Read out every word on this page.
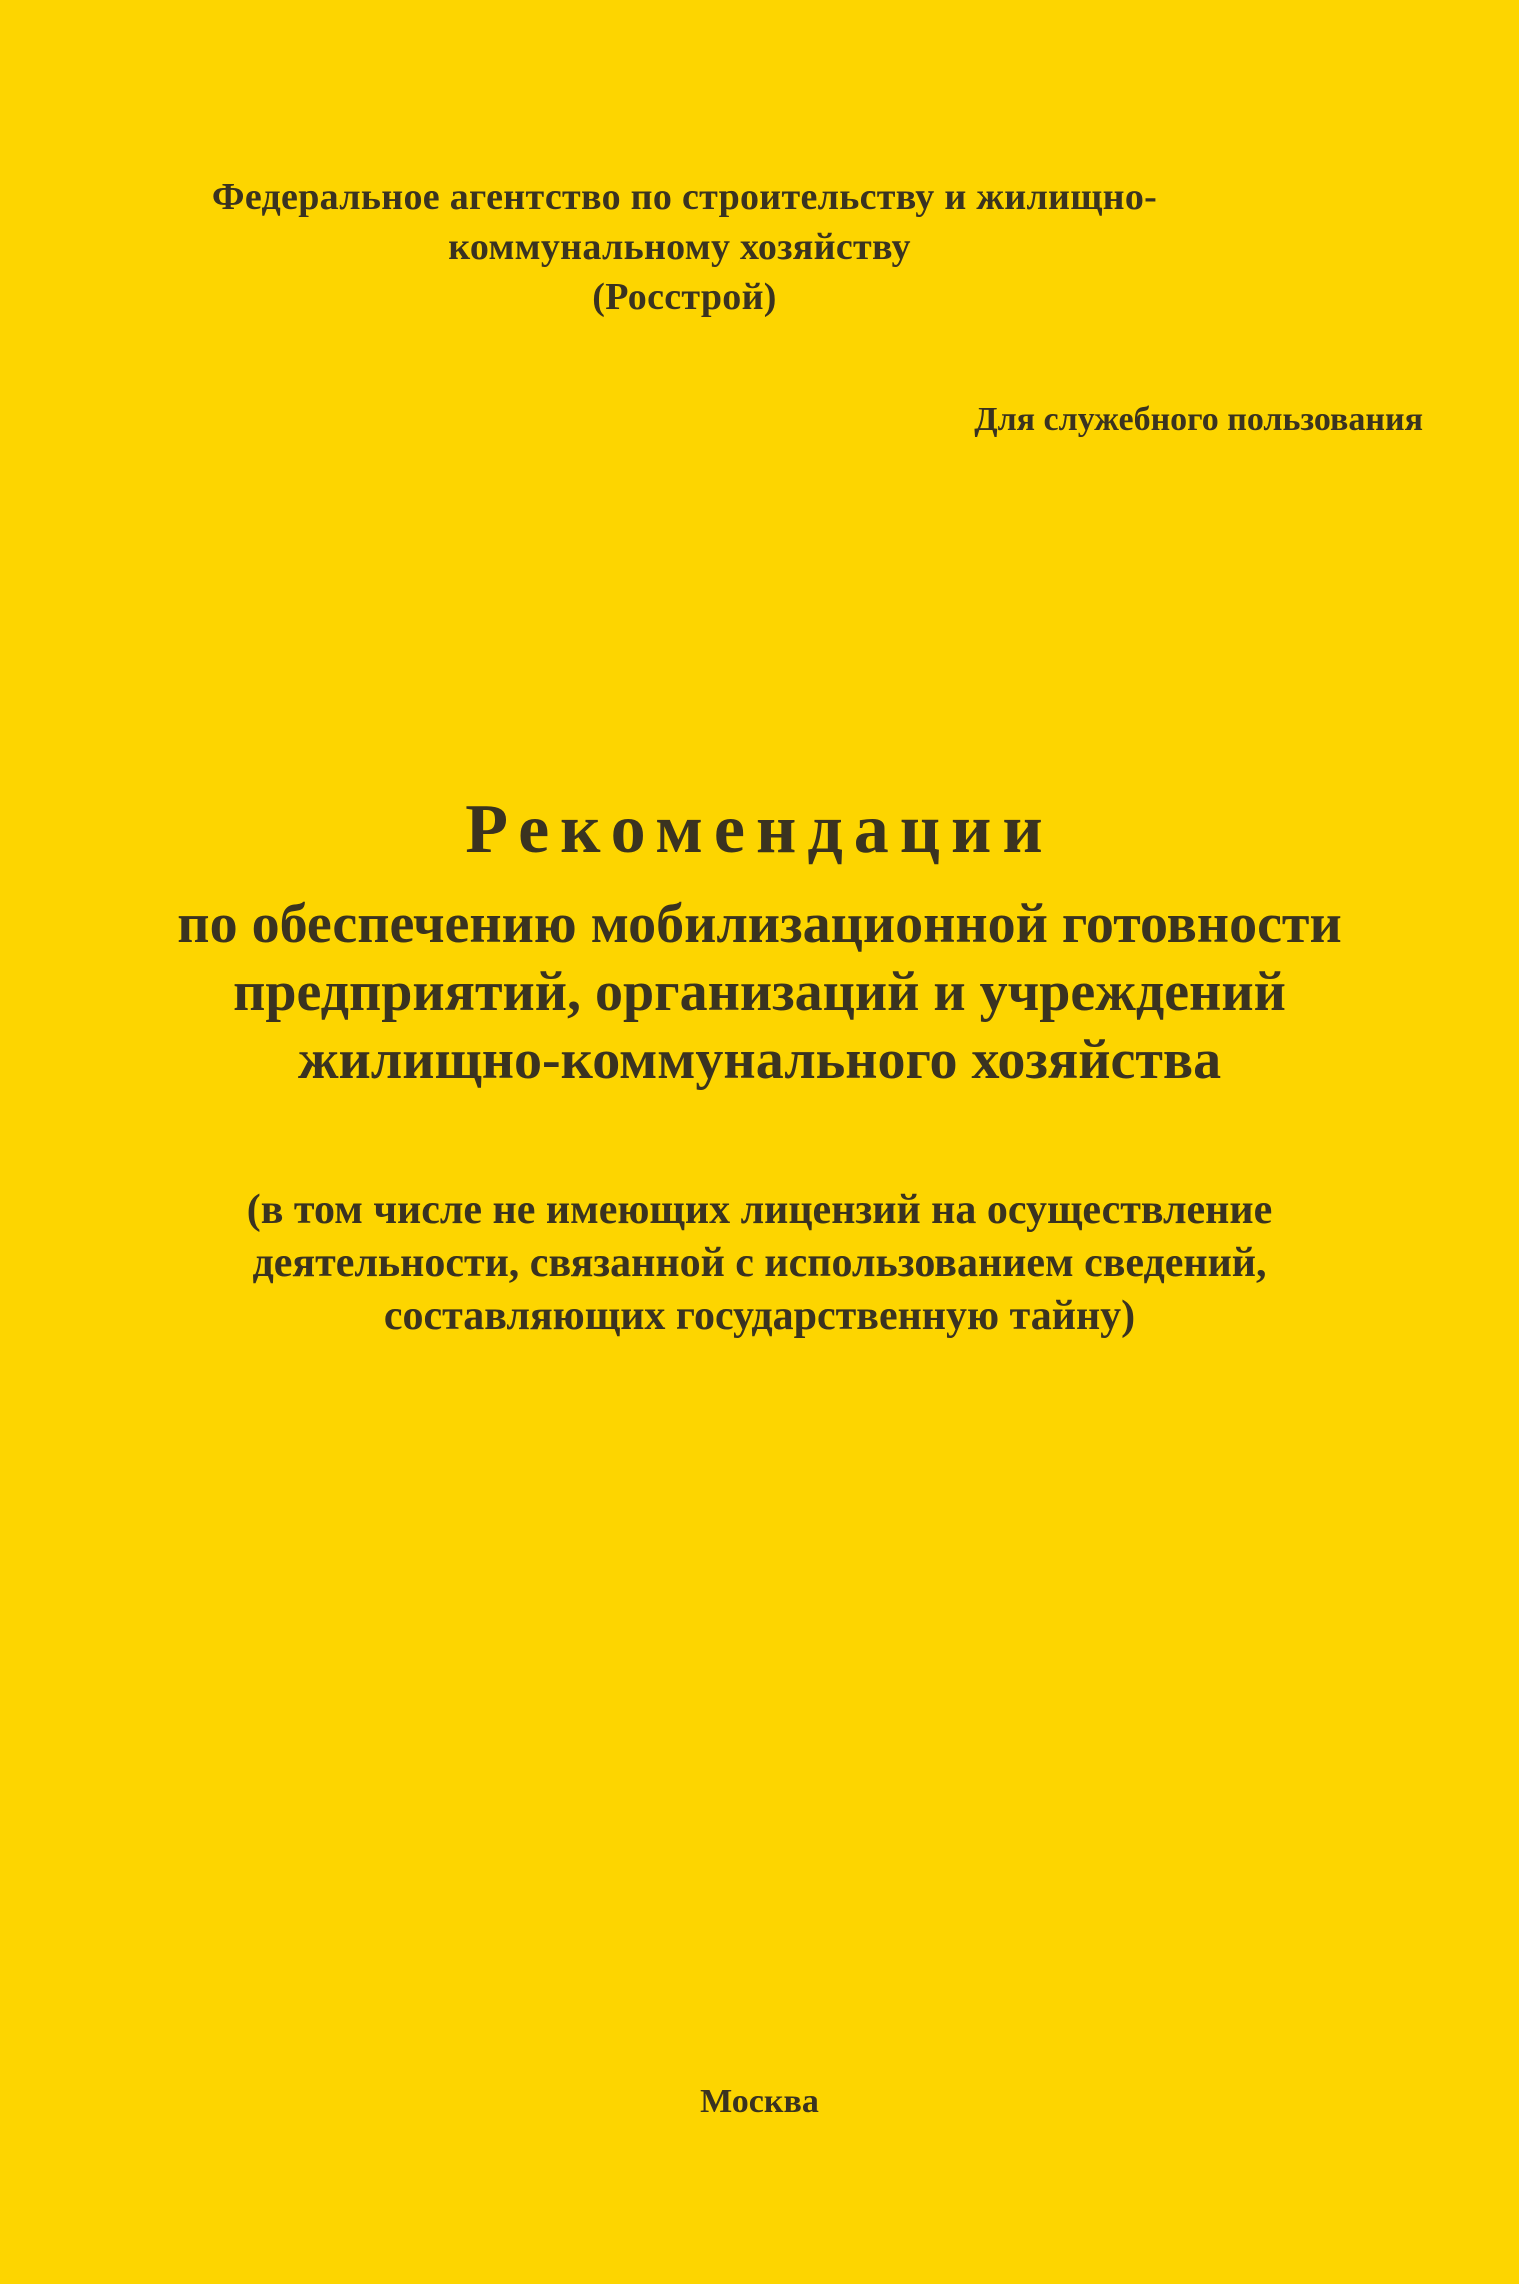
Федеральное агентство по строительству и жилищно-
коммунальному хозяйству
(Росстрой)
Для служебного пользования
Рекомендации
по обеспечению мобилизационной готовности
предприятий, организаций и учреждений
жилищно-коммунального хозяйства
(в том числе не имеющих лицензий на осуществление
деятельности, связанной с использованием сведений,
составляющих государственную тайну)
Москва
